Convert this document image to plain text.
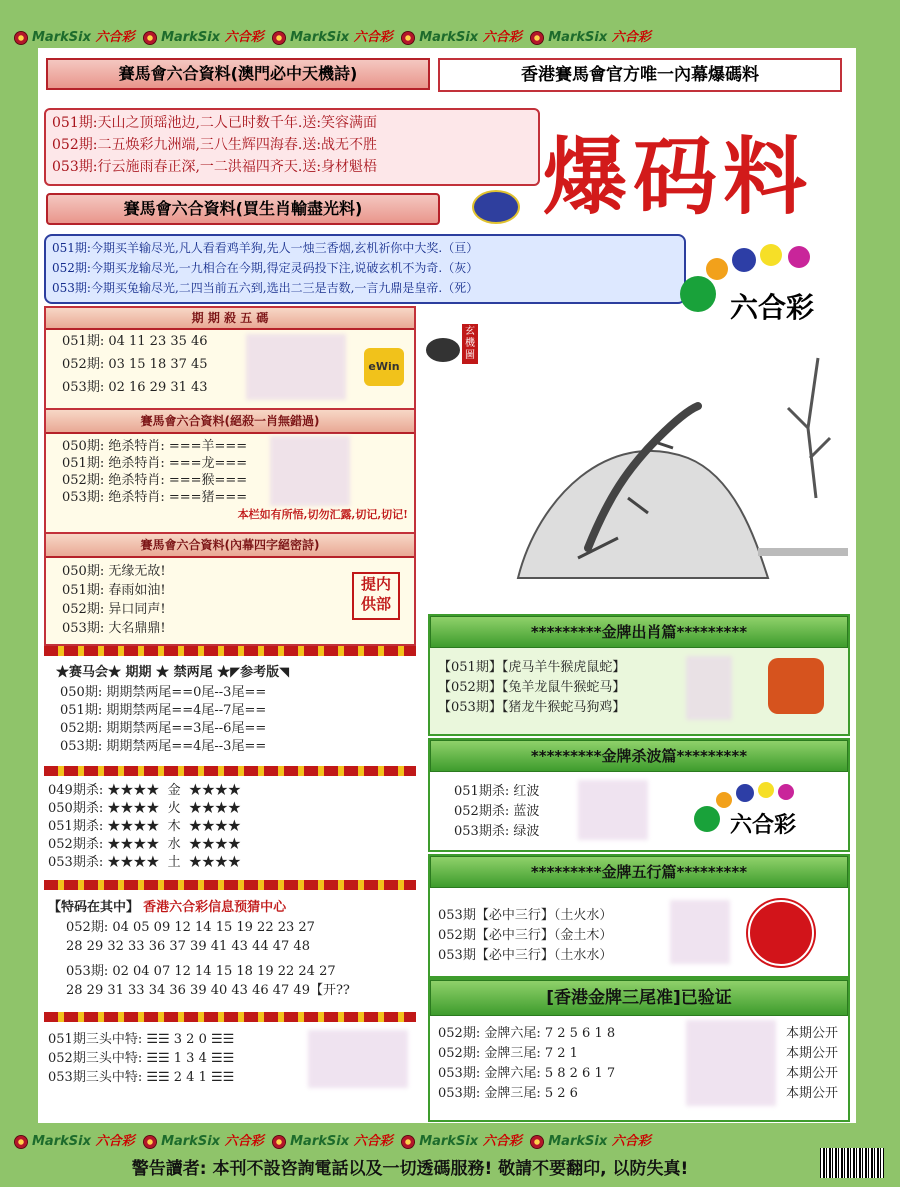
MarkSix 六合彩 MarkSix 六合彩 MarkSix 六合彩 MarkSix 六合彩 MarkSix 六合彩
MarkSix 六合彩 MarkSix 六合彩 MarkSix 六合彩 MarkSix 六合彩 MarkSix 六合彩
賽馬會六合資料(澳門必中天機詩)	香港賽馬會官方唯一內幕爆碼料
051期:天山之顶瑶池边,二人已时数千年.送:笑容满面
052期:二五焕彩九洲端,三八生辉四海春.送:战无不胜
053期:行云施雨春正深,一二洪福四齐天.送:身材魁梧	爆码料
賽馬會六合資料(買生肖輸盡光料)
051期:今期买羊输尽光,凡人看看鸡羊狗,先人一烛三香烟,玄机祈你中大奖.（亘）
052期:今期买龙输尽光,一九相合在今期,得定灵码投下注,说破玄机不为奇.（灰）
053期:今期买兔输尽光,二四当前五六到,选出二三是吉数,一言九鼎是皇帝.（死）
六合彩
期 期 殺 五 碼
051期: 04 11 23 35 46
052期: 03 15 18 37 45
053期: 02 16 29 31 43
eWin
賽馬會六合資料(絕殺一肖無錯過)
050期: 绝杀特肖: ===羊===
051期: 绝杀特肖: ===龙===
052期: 绝杀特肖: ===猴===
053期: 绝杀特肖: ===猪===
本栏如有所悟,切勿汇露,切记,切记!
賽馬會六合資料(內幕四字絕密詩)
050期: 无缘无故!
051期: 春雨如油!
052期: 异口同声!
053期: 大名鼎鼎!
提内供部
★赛马会★ 期期 ★ 禁两尾 ★◤参考版◥
050期: 期期禁两尾==0尾--3尾==
051期: 期期禁两尾==4尾--7尾==
052期: 期期禁两尾==3尾--6尾==
053期: 期期禁两尾==4尾--3尾==
049期杀: ★★★★ 金 ★★★★
050期杀: ★★★★ 火 ★★★★
051期杀: ★★★★ 木 ★★★★
052期杀: ★★★★ 水 ★★★★
053期杀: ★★★★ 土 ★★★★
【特码在其中】 香港六合彩信息预猜中心
052期: 04 05 09 12 14 15 19 22 23 27
28 29 32 33 36 37 39 41 43 44 47 48
053期: 02 04 07 12 14 15 18 19 22 24 27
28 29 31 33 34 36 39 40 43 46 47 49【开??
051期三头中特: ☰☰ 3 2 0 ☰☰
052期三头中特: ☰☰ 1 3 4 ☰☰
053期三头中特: ☰☰ 2 4 1 ☰☰
玄機圖
*********金牌出肖篇*********
【051期】【虎马羊牛猴虎鼠蛇】
【052期】【兔羊龙鼠牛猴蛇马】
【053期】【猪龙牛猴蛇马狗鸡】
*********金牌杀波篇*********
051期杀: 红波
052期杀: 蓝波
053期杀: 绿波	六合彩
*********金牌五行篇*********
053期【必中三行】（土火水）
052期【必中三行】（金土木）
053期【必中三行】（土水水）
[香港金牌三尾准]已验证
052期: 金牌六尾: 7 2 5 6 1 8	本期公开
052期: 金牌三尾: 7 2 1	本期公开
053期: 金牌六尾: 5 8 2 6 1 7	本期公开
053期: 金牌三尾: 5 2 6	本期公开
警告讀者: 本刊不設咨詢電話以及一切透碼服務! 敬請不要翻印, 以防失真!
